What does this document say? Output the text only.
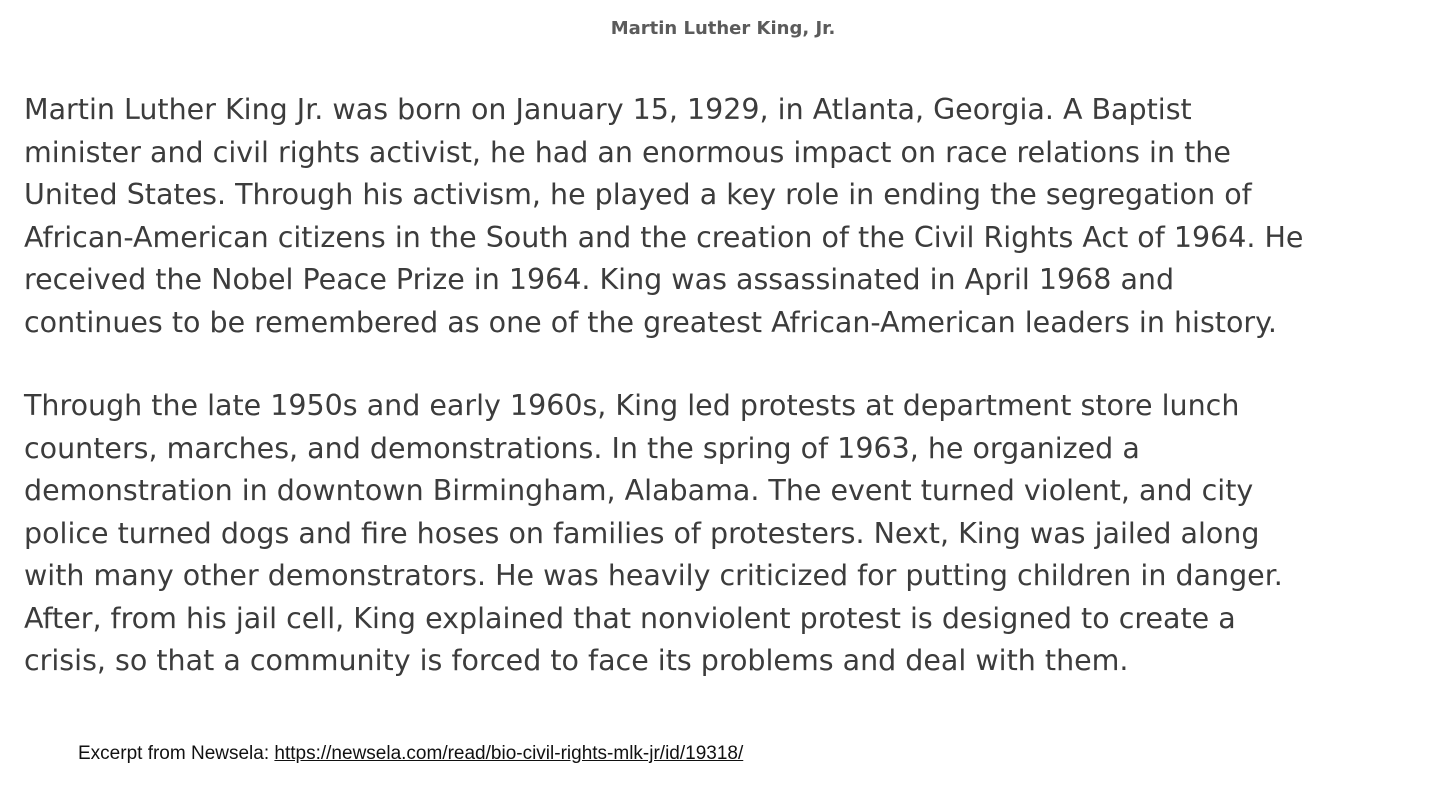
Martin Luther King, Jr.
Martin Luther King Jr. was born on January 15, 1929, in Atlanta, Georgia. A Baptist
minister and civil rights activist, he had an enormous impact on race relations in the
United States. Through his activism, he played a key role in ending the segregation of
African-American citizens in the South and the creation of the Civil Rights Act of 1964. He
received the Nobel Peace Prize in 1964. King was assassinated in April 1968 and
continues to be remembered as one of the greatest African-American leaders in history.
Through the late 1950s and early 1960s, King led protests at department store lunch
counters, marches, and demonstrations. In the spring of 1963, he organized a
demonstration in downtown Birmingham, Alabama. The event turned violent, and city
police turned dogs and fire hoses on families of protesters. Next, King was jailed along
with many other demonstrators. He was heavily criticized for putting children in danger.
After, from his jail cell, King explained that nonviolent protest is designed to create a
crisis, so that a community is forced to face its problems and deal with them.
Excerpt from Newsela: https://newsela.com/read/bio-civil-rights-mlk-jr/id/19318/
